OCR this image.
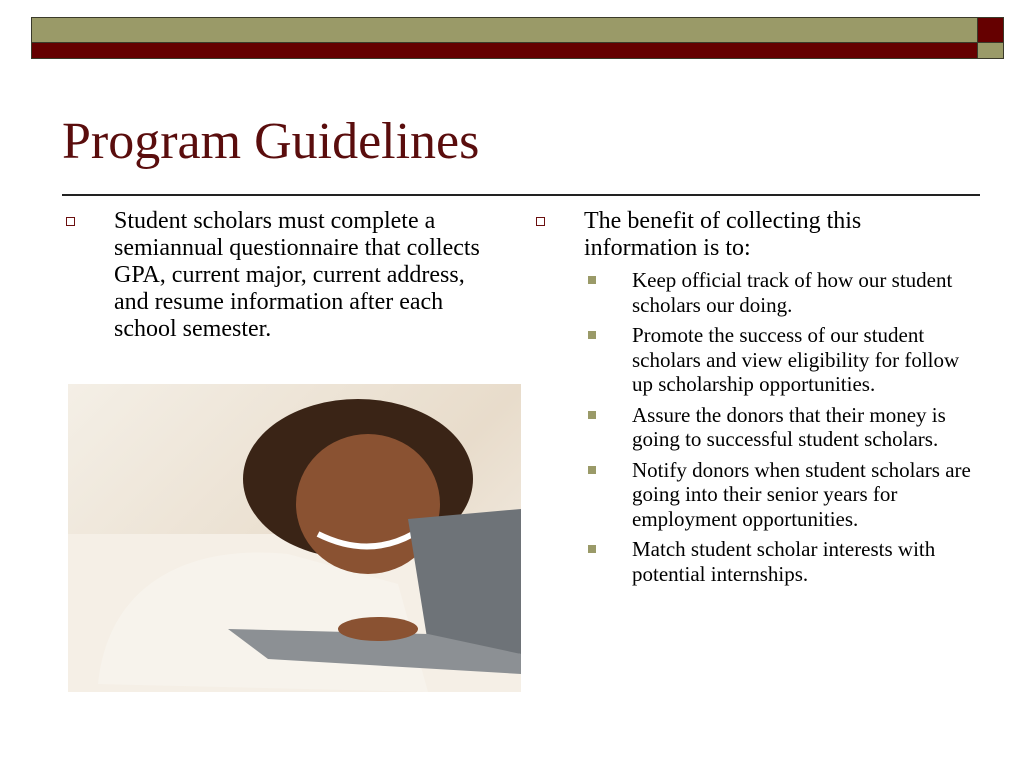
Program Guidelines
Student scholars must complete a semiannual questionnaire that collects GPA, current major, current address, and resume information after each school semester.
The benefit of collecting this information is to:
Keep official track of how our student scholars our doing.
Promote the success of our student scholars and view eligibility for follow up scholarship opportunities.
Assure the donors that their money is going to successful student scholars.
Notify donors when student scholars are going into their senior years for employment opportunities.
Match student scholar interests with potential internships.
